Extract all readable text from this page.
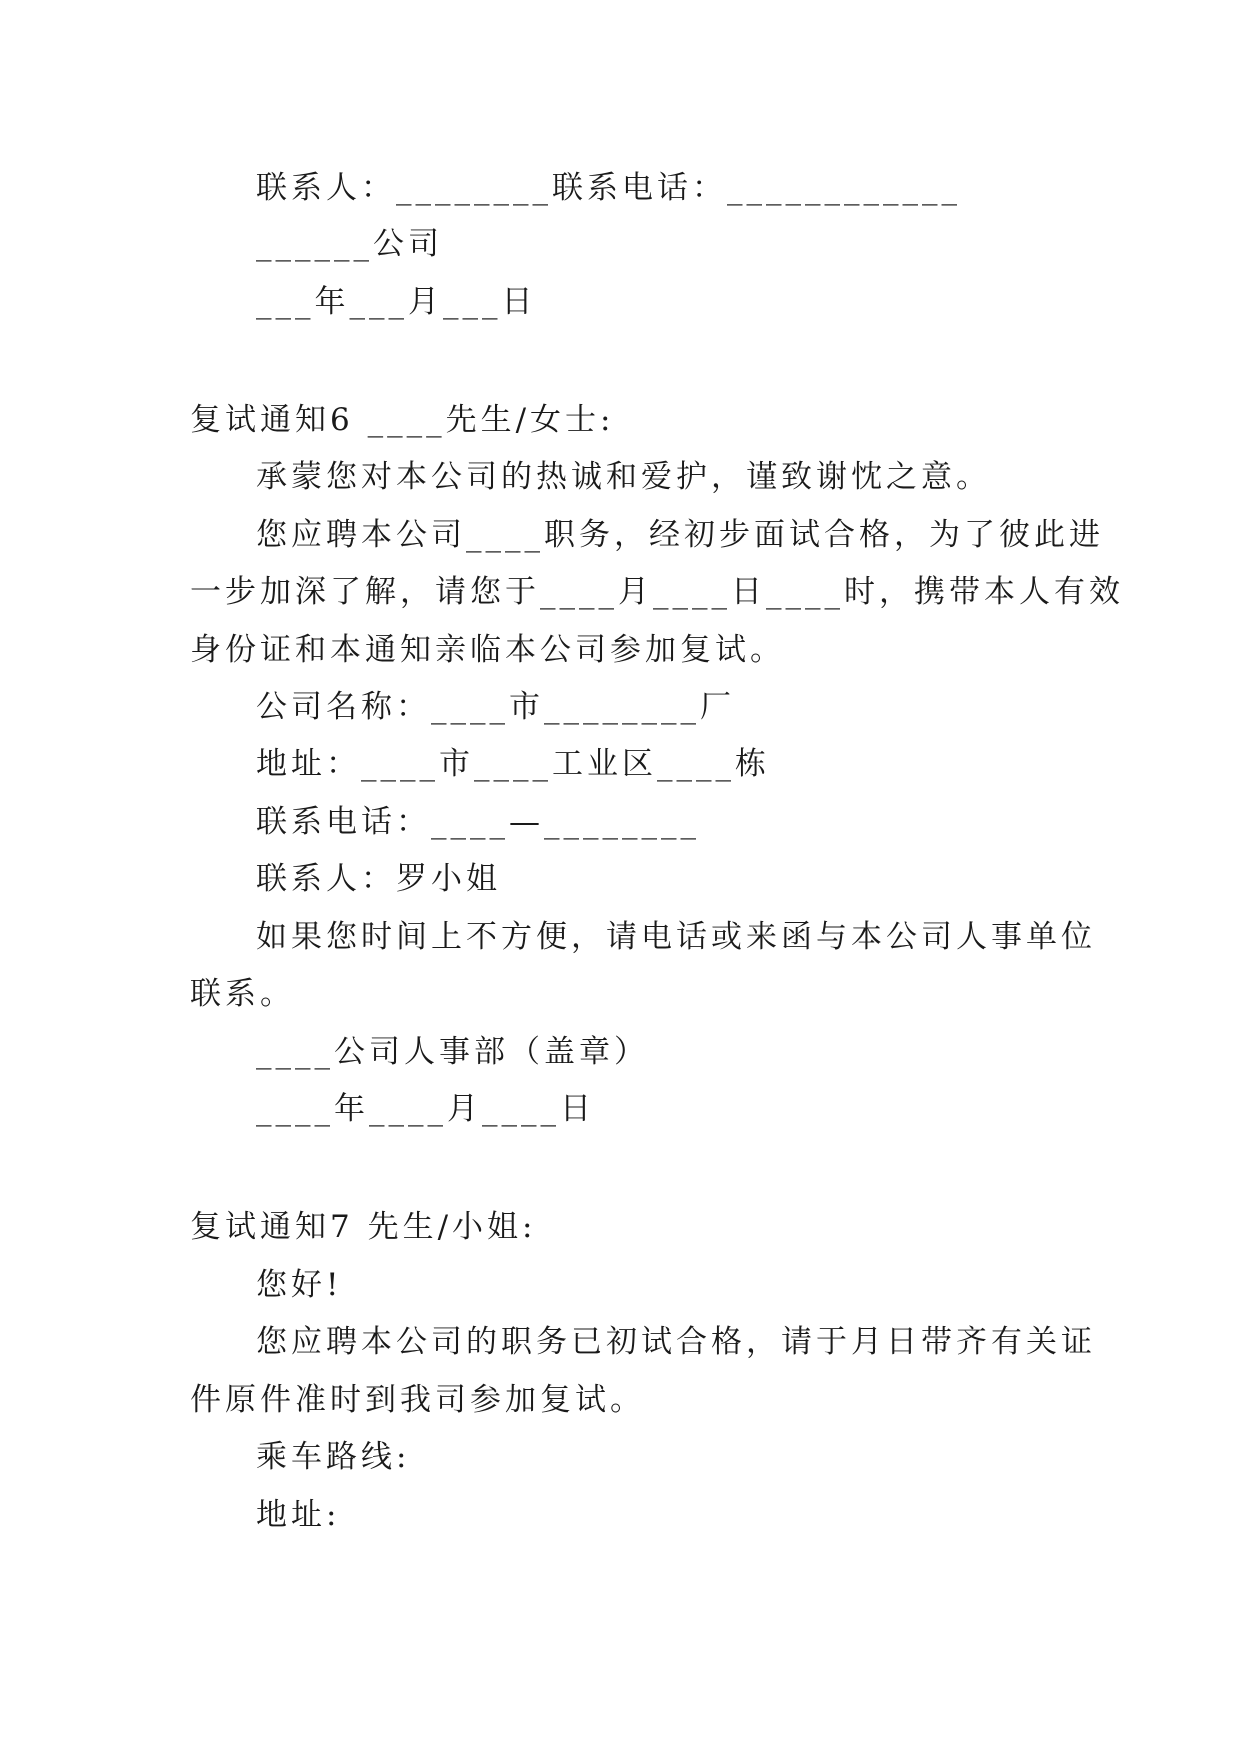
联系人：________联系电话：____________
______公司
___年___月___日
复试通知6 ____先生/女士:
承蒙您对本公司的热诚和爱护，谨致谢忱之意。
您应聘本公司____职务，经初步面试合格，为了彼此进
一步加深了解，请您于____月____日____时，携带本人有效
身份证和本通知亲临本公司参加复试。
公司名称：____市________厂
地址：____市____工业区____栋
联系电话：____—________
联系人：罗小姐
如果您时间上不方便，请电话或来函与本公司人事单位
联系。
____公司人事部（盖章）
____年____月____日
复试通知7 先生/小姐:
您好!
您应聘本公司的职务已初试合格，请于月日带齐有关证
件原件准时到我司参加复试。
乘车路线:
地址:
